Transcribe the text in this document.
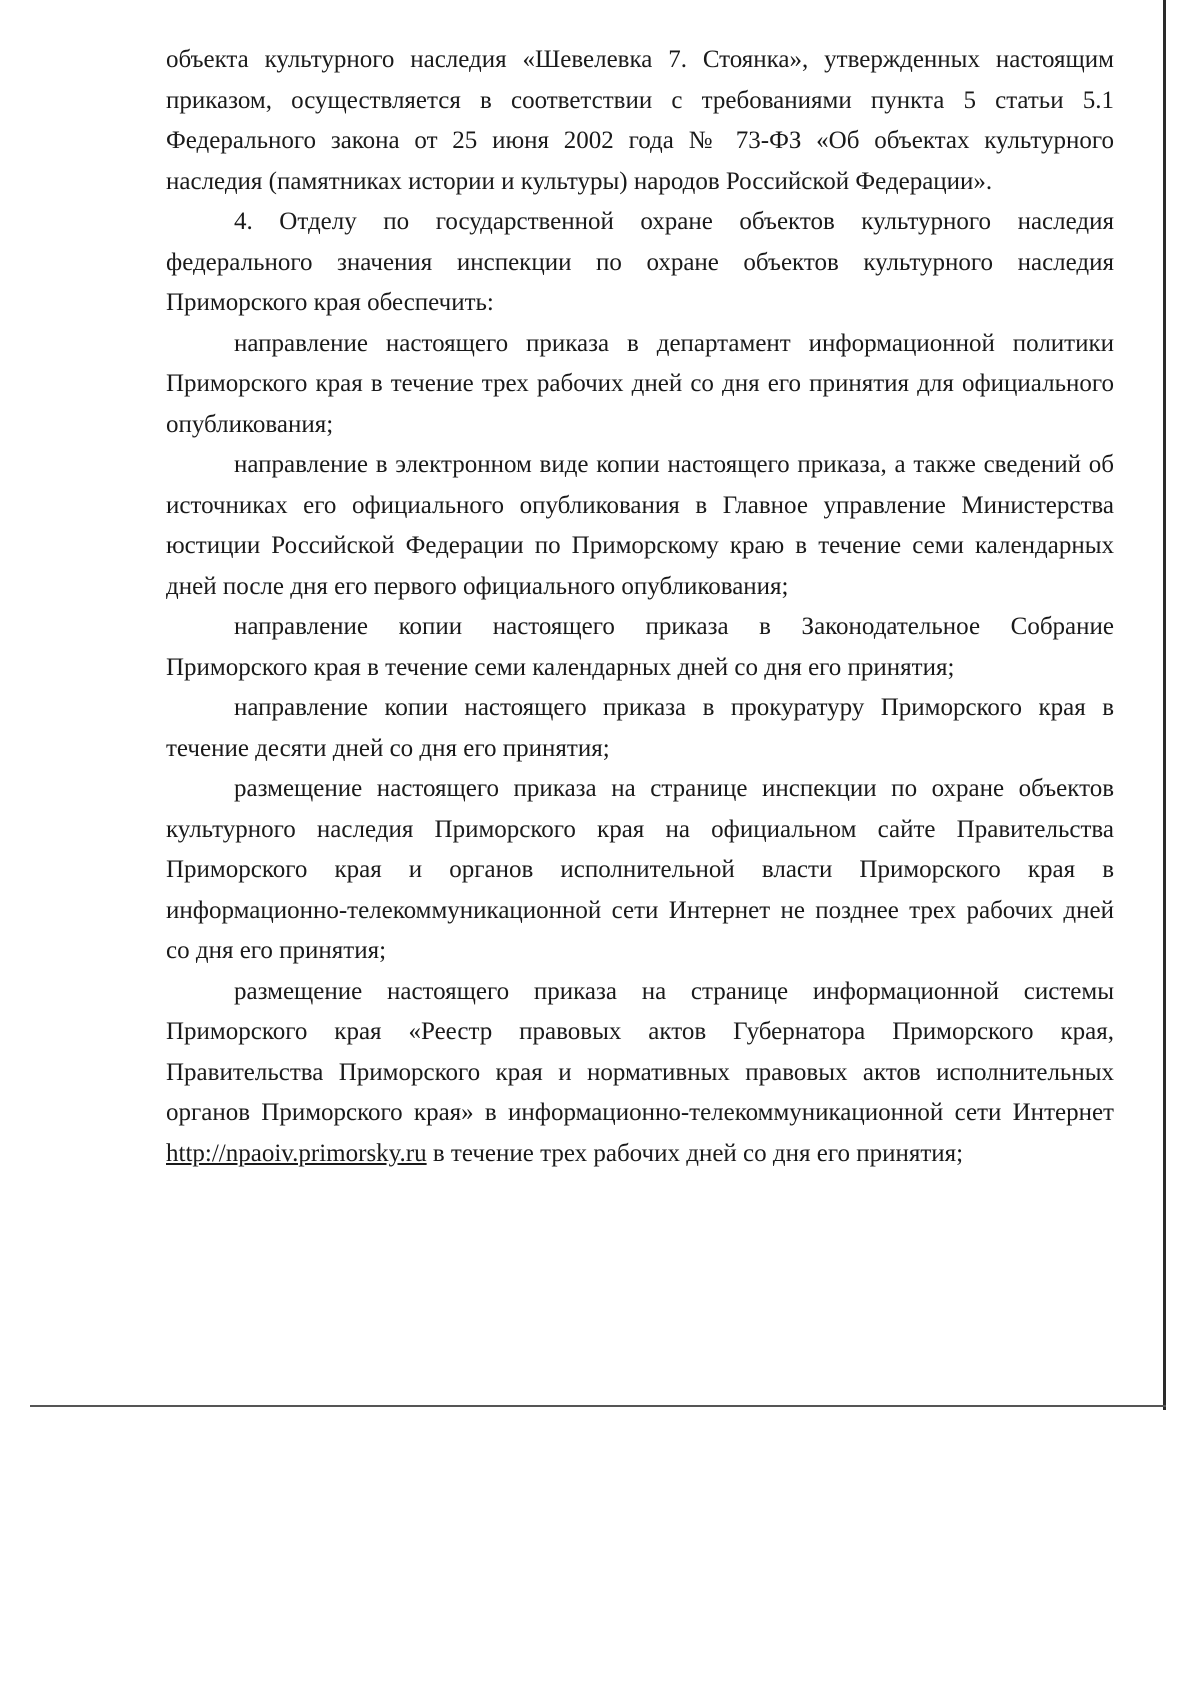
объекта культурного наследия «Шевелевка 7. Стоянка», утвержденных настоящим приказом, осуществляется в соответствии с требованиями пункта 5 статьи 5.1 Федерального закона от 25 июня 2002 года № 73-ФЗ «Об объектах культурного наследия (памятниках истории и культуры) народов Российской Федерации».

4. Отделу по государственной охране объектов культурного наследия федерального значения инспекции по охране объектов культурного наследия Приморского края обеспечить:

направление настоящего приказа в департамент информационной политики Приморского края в течение трех рабочих дней со дня его принятия для официального опубликования;

направление в электронном виде копии настоящего приказа, а также сведений об источниках его официального опубликования в Главное управление Министерства юстиции Российской Федерации по Приморскому краю в течение семи календарных дней после дня его первого официального опубликования;

направление копии настоящего приказа в Законодательное Собрание Приморского края в течение семи календарных дней со дня его принятия;

направление копии настоящего приказа в прокуратуру Приморского края в течение десяти дней со дня его принятия;

размещение настоящего приказа на странице инспекции по охране объектов культурного наследия Приморского края на официальном сайте Правительства Приморского края и органов исполнительной власти Приморского края в информационно-телекоммуникационной сети Интернет не позднее трех рабочих дней со дня его принятия;

размещение настоящего приказа на странице информационной системы Приморского края «Реестр правовых актов Губернатора Приморского края, Правительства Приморского края и нормативных правовых актов исполнительных органов Приморского края» в информационно-телекоммуникационной сети Интернет http://npaoiv.primorsky.ru в течение трех рабочих дней со дня его принятия;
